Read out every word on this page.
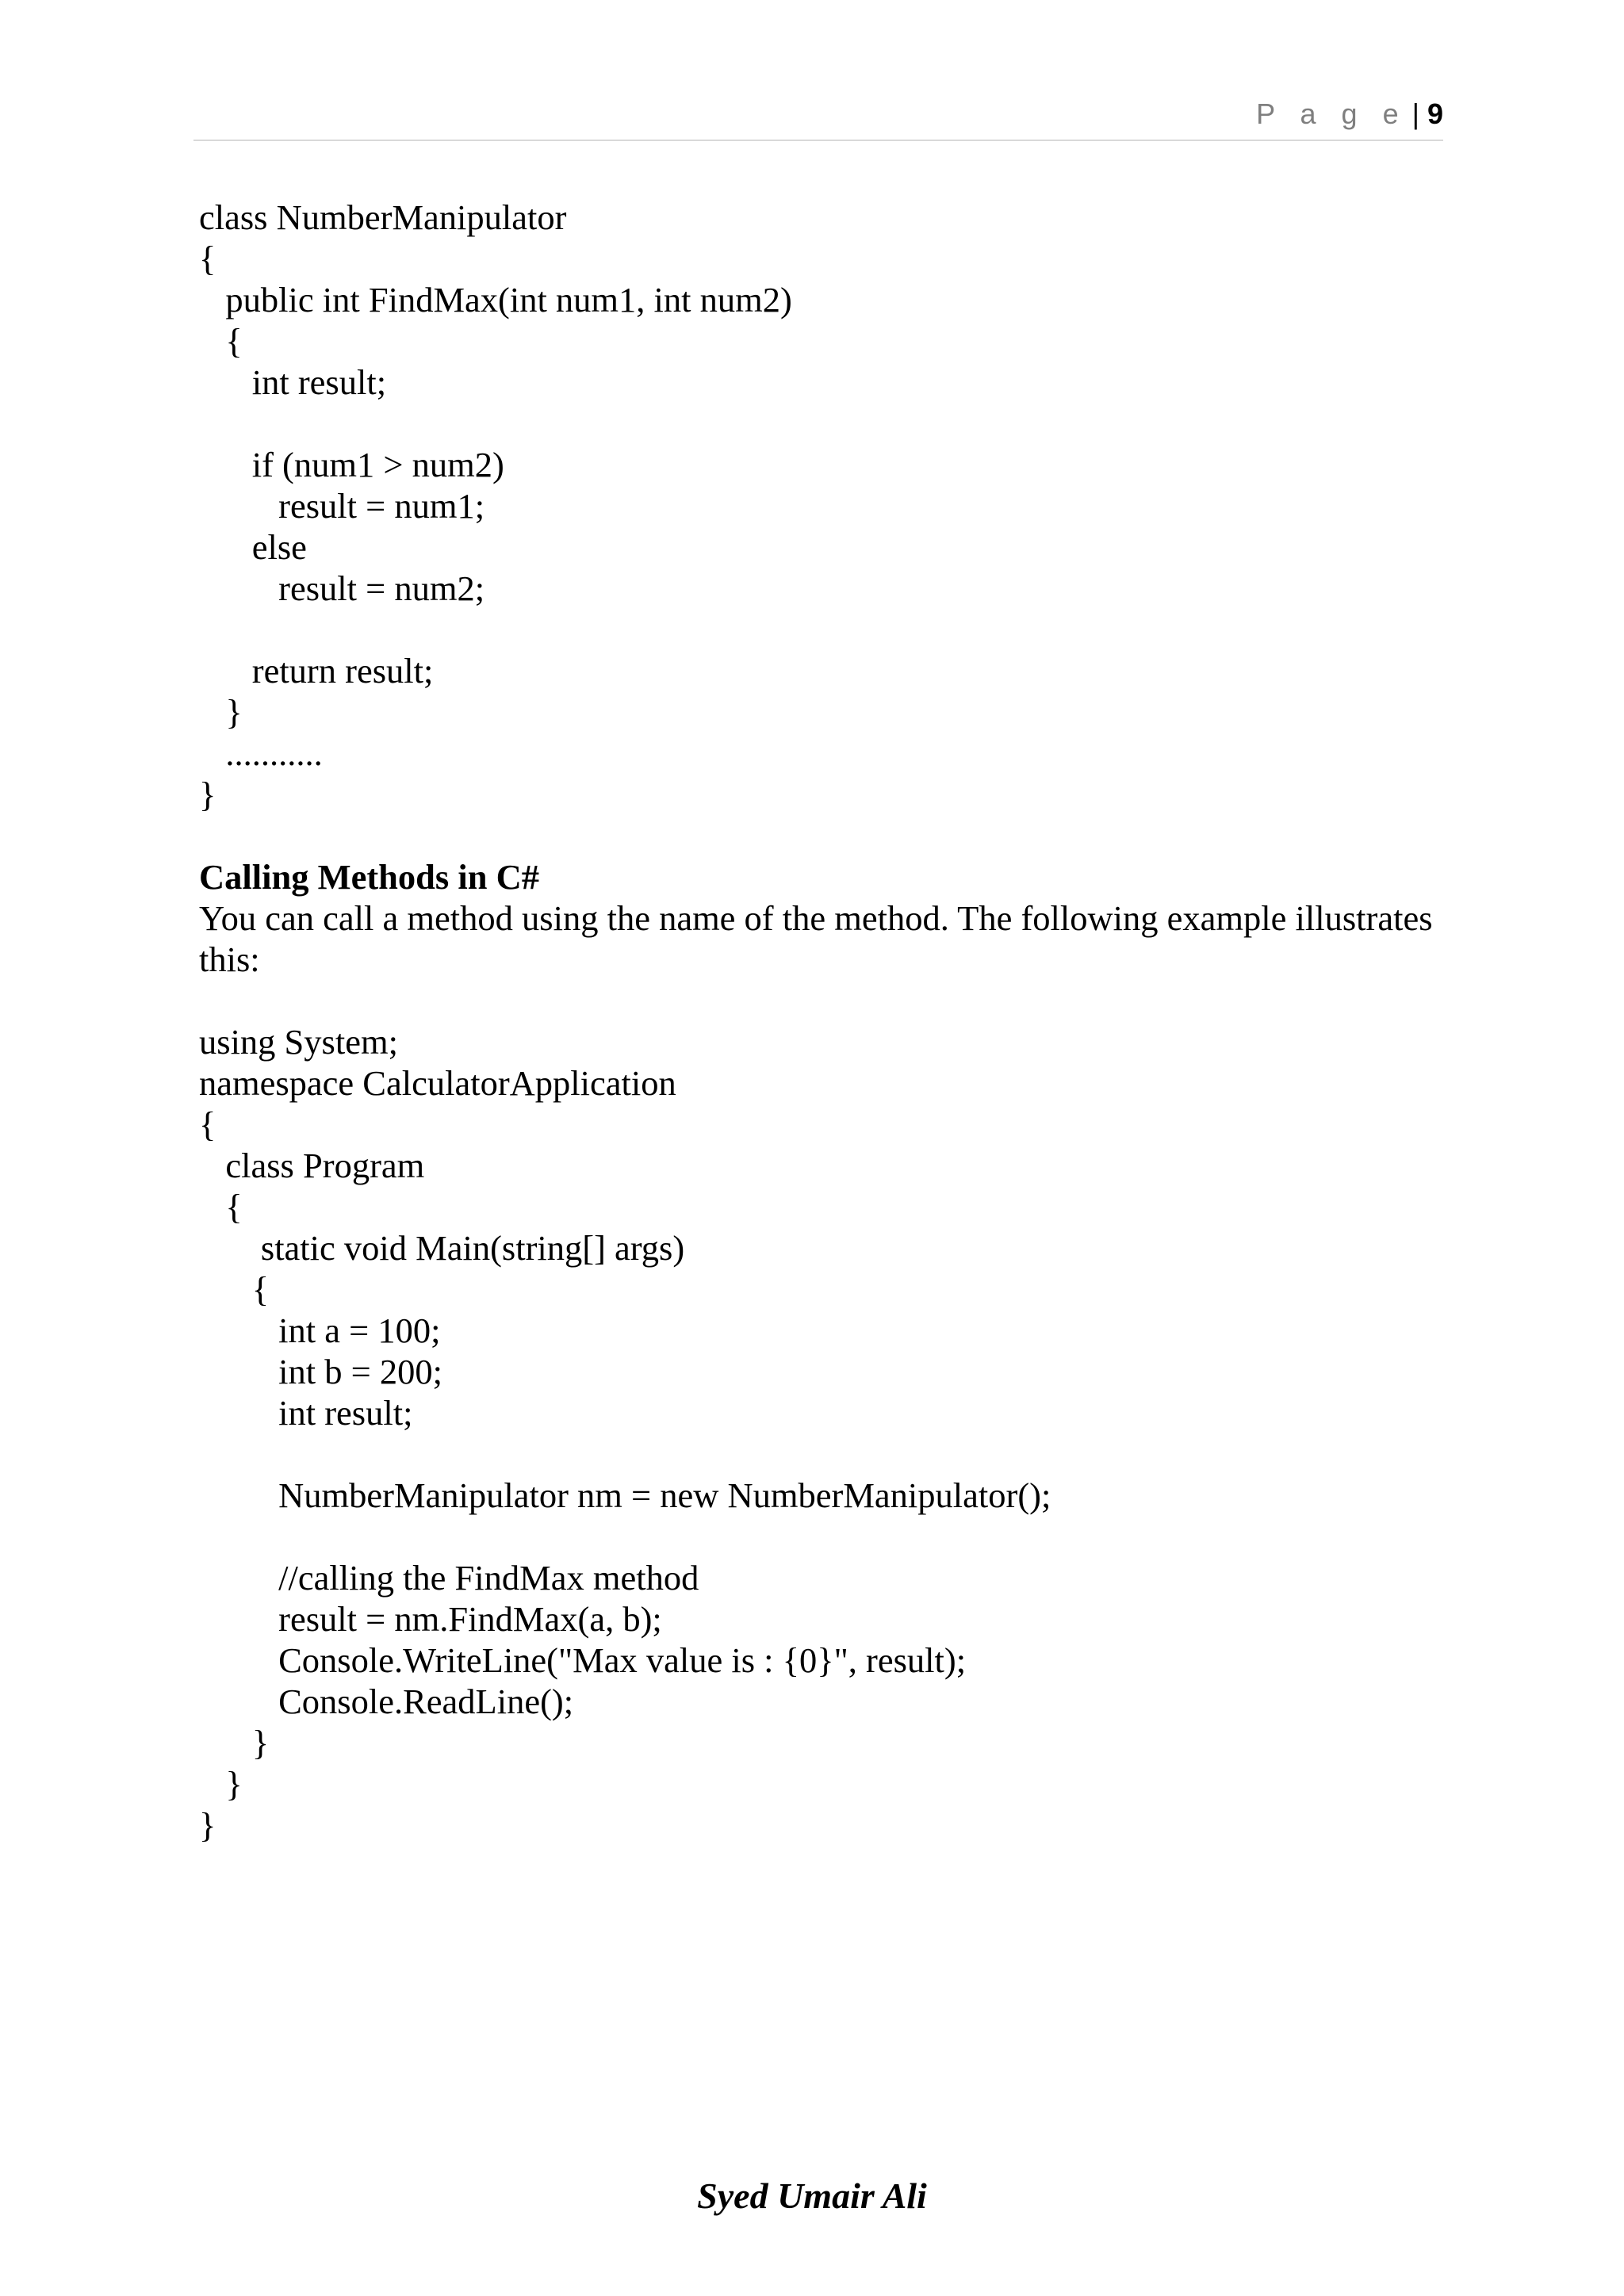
P a g e | 9
class NumberManipulator
{
public int FindMax(int num1, int num2)
{
int result;
if (num1 > num2)
result = num1;
else
result = num2;
return result;
}
...........
}
Calling Methods in C#
You can call a method using the name of the method. The following example illustrates this:
using System;
namespace CalculatorApplication
{
class Program
{
static void Main(string[] args)
{
int a = 100;
int b = 200;
int result;
NumberManipulator nm = new NumberManipulator();
//calling the FindMax method
result = nm.FindMax(a, b);
Console.WriteLine("Max value is : {0}", result);
Console.ReadLine();
}
}
}
Syed Umair Ali
